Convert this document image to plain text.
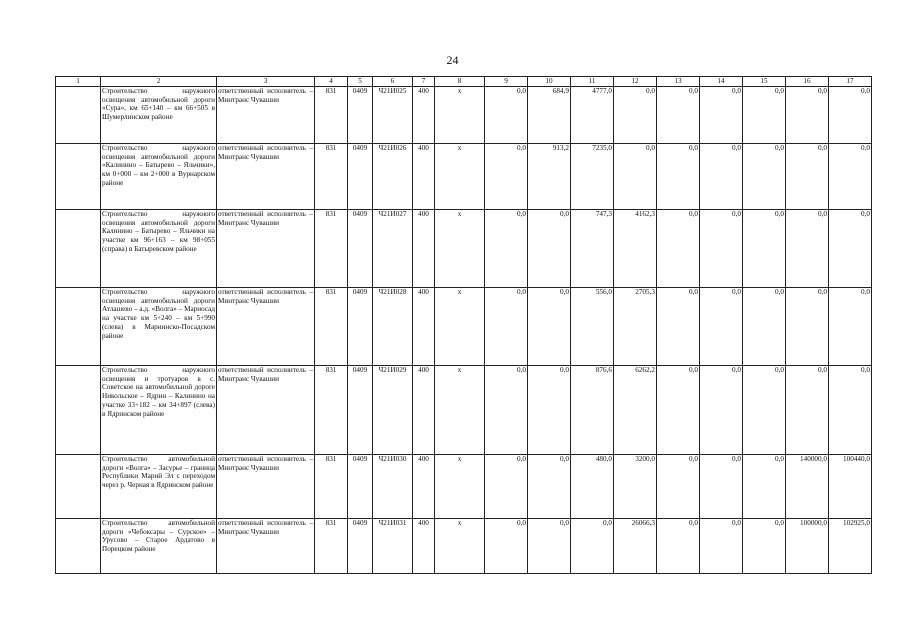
24
1	2	3	4	5	6	7	8	9	10	11	12	13	14	15	16	17
	Строительство наружного освещения автомобильной дороги «Сура», км 65+140 – км 66+505 в Шумерлинском районе	ответственный исполнитель – Минтранс Чувашии	831	0409	Ч21И025	400	x	0,0	684,9	4777,0	0,0	0,0	0,0	0,0	0,0	0,0
	Строительство наружного освещения автомобильной дороги «Калинино – Батырево – Яльчики», км 0+000 – км 2+000 в Вурнарском районе	ответственный исполнитель – Минтранс Чувашии	831	0409	Ч21И026	400	x	0,0	913,2	7235,0	0,0	0,0	0,0	0,0	0,0	0,0
	Строительство наружного освещения автомобильной дороги Калинино – Батырево – Яльчики на участке км 96+163 – км 98+055 (справа) в Батыревском районе	ответственный исполнитель – Минтранс Чувашии	831	0409	Ч21И027	400	x	0,0	0,0	747,3	4162,3	0,0	0,0	0,0	0,0	0,0
	Строительство наружного освещения автомобильной дороги Атлашево – а.д. «Волга» – Мариосад на участке км 5+240 – км 5+990 (слева) в Мариинско-Посадском районе	ответственный исполнитель – Минтранс Чувашии	831	0409	Ч21И028	400	x	0,0	0,0	556,0	2705,3	0,0	0,0	0,0	0,0	0,0
	Строительство наружного освещения и тротуаров в с. Советское на автомобильной дороге Никольское – Ядрин – Калинино на участке 33+182 – км 34+897 (слева) в Ядринском районе	ответственный исполнитель – Минтранс Чувашии	831	0409	Ч21И029	400	x	0,0	0,0	876,6	6262,2	0,0	0,0	0,0	0,0	0,0
	Строительство автомобильной дороги «Волга» – Засурье – граница Республики Марий Эл с переходом через р. Черная в Ядринском районе	ответственный исполнитель – Минтранс Чувашии	831	0409	Ч21И030	400	x	0,0	0,0	480,0	3200,0	0,0	0,0	0,0	140000,0	100440,0
	Строительство автомобильной дороги «Чебоксары – Сурское» – Урусово – Старое Ардатово в Порецком районе	ответственный исполнитель – Минтранс Чувашии	831	0409	Ч21И031	400	x	0,0	0,0	0,0	26066,3	0,0	0,0	0,0	100000,0	102925,0
